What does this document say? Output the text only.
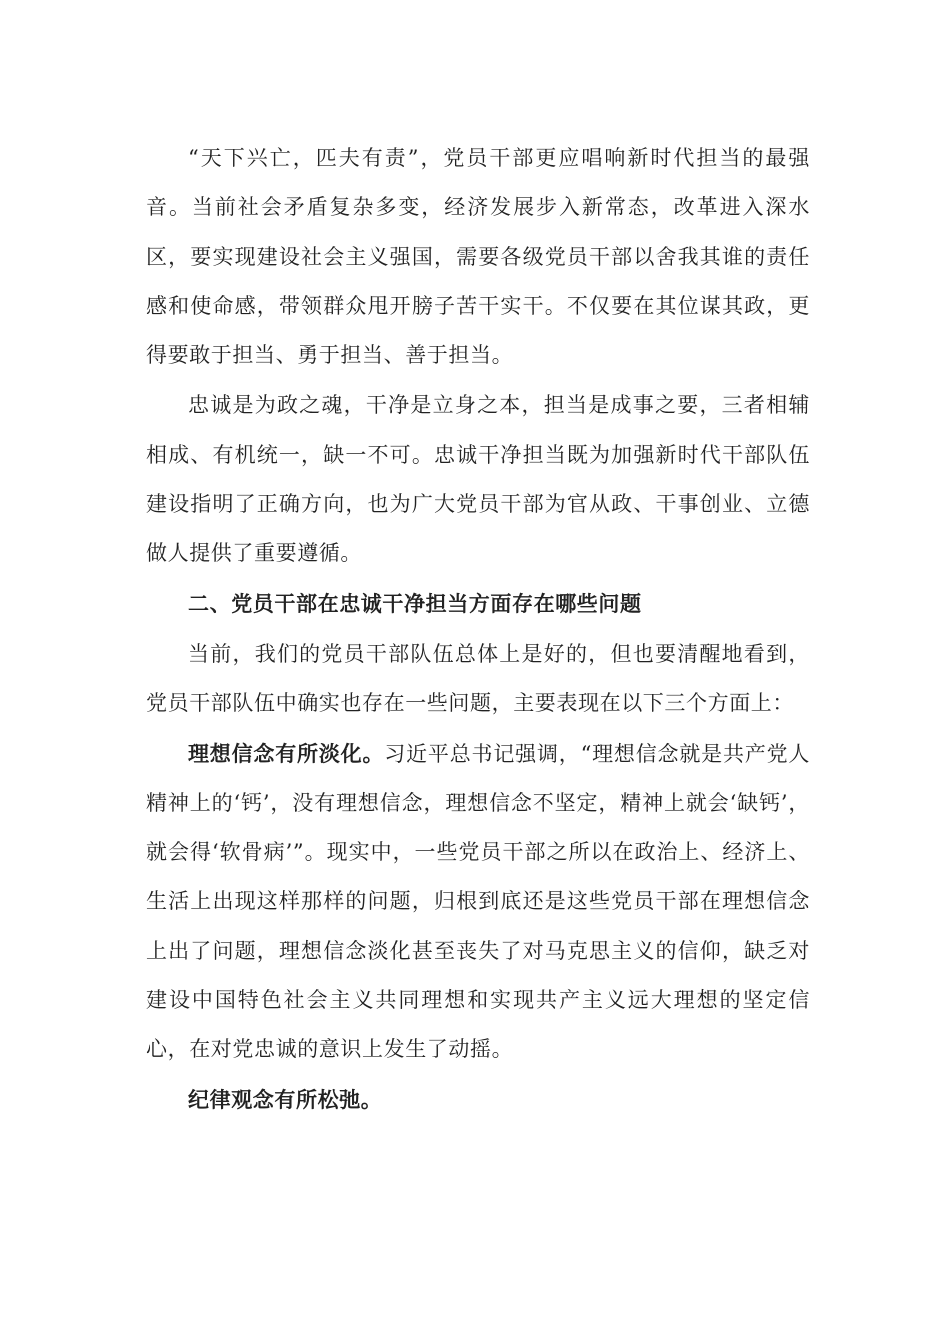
“天下兴亡，匹夫有责”，党员干部更应唱响新时代担当的最强音。当前社会矛盾复杂多变，经济发展步入新常态，改革进入深水区，要实现建设社会主义强国，需要各级党员干部以舍我其谁的责任感和使命感，带领群众甩开膀子苦干实干。不仅要在其位谋其政，更得要敢于担当、勇于担当、善于担当。

忠诚是为政之魂，干净是立身之本，担当是成事之要，三者相辅相成、有机统一，缺一不可。忠诚干净担当既为加强新时代干部队伍建设指明了正确方向，也为广大党员干部为官从政、干事创业、立德做人提供了重要遵循。

二、党员干部在忠诚干净担当方面存在哪些问题

当前，我们的党员干部队伍总体上是好的，但也要清醒地看到，党员干部队伍中确实也存在一些问题，主要表现在以下三个方面上：

理想信念有所淡化。习近平总书记强调，“理想信念就是共产党人精神上的‘钙’，没有理想信念，理想信念不坚定，精神上就会‘缺钙’，就会得‘软骨病’”。现实中，一些党员干部之所以在政治上、经济上、生活上出现这样那样的问题，归根到底还是这些党员干部在理想信念上出了问题，理想信念淡化甚至丧失了对马克思主义的信仰，缺乏对建设中国特色社会主义共同理想和实现共产主义远大理想的坚定信心，在对党忠诚的意识上发生了动摇。

纪律观念有所松弛。
